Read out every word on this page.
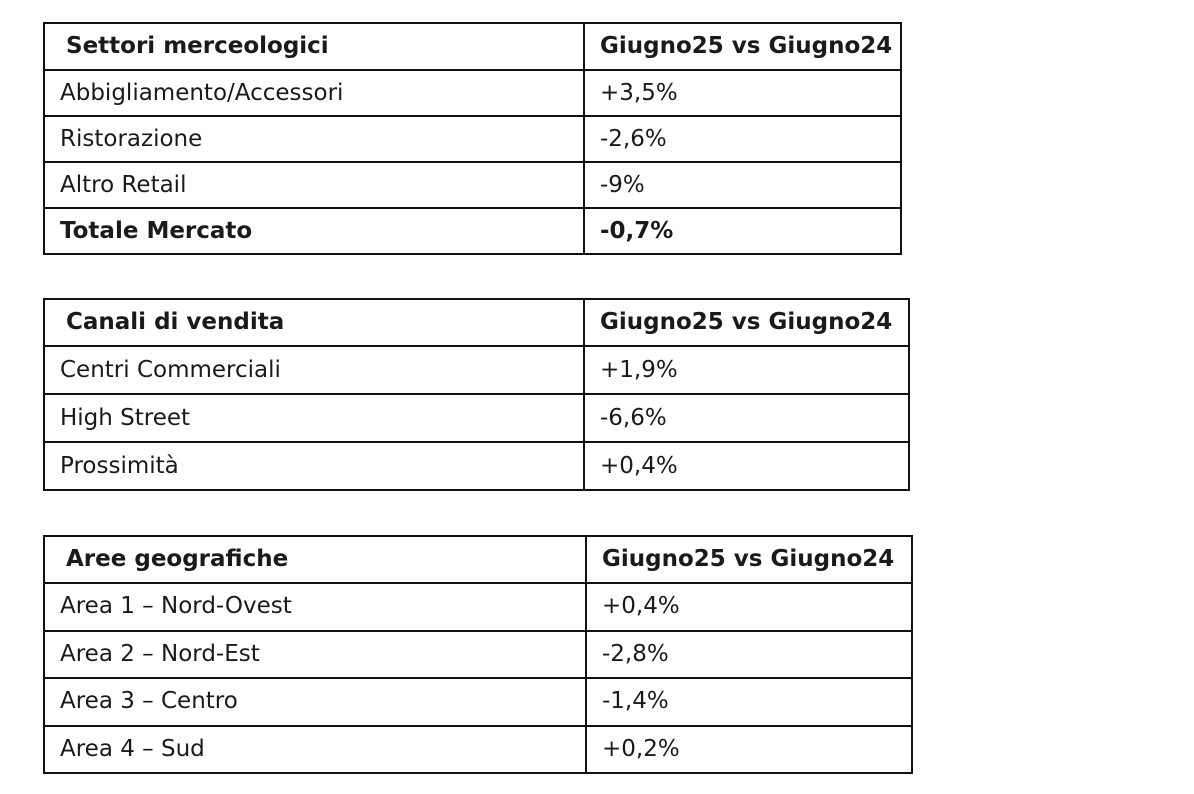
Settori merceologici	Giugno25 vs Giugno24
Abbigliamento/Accessori	+3,5%
Ristorazione	-2,6%
Altro Retail	-9%
Totale Mercato	-0,7%
Canali di vendita	Giugno25 vs Giugno24
Centri Commerciali	+1,9%
High Street	-6,6%
Prossimità	+0,4%
Aree geografiche	Giugno25 vs Giugno24
Area 1 – Nord-Ovest	+0,4%
Area 2 – Nord-Est	-2,8%
Area 3 – Centro	-1,4%
Area 4 – Sud	+0,2%
